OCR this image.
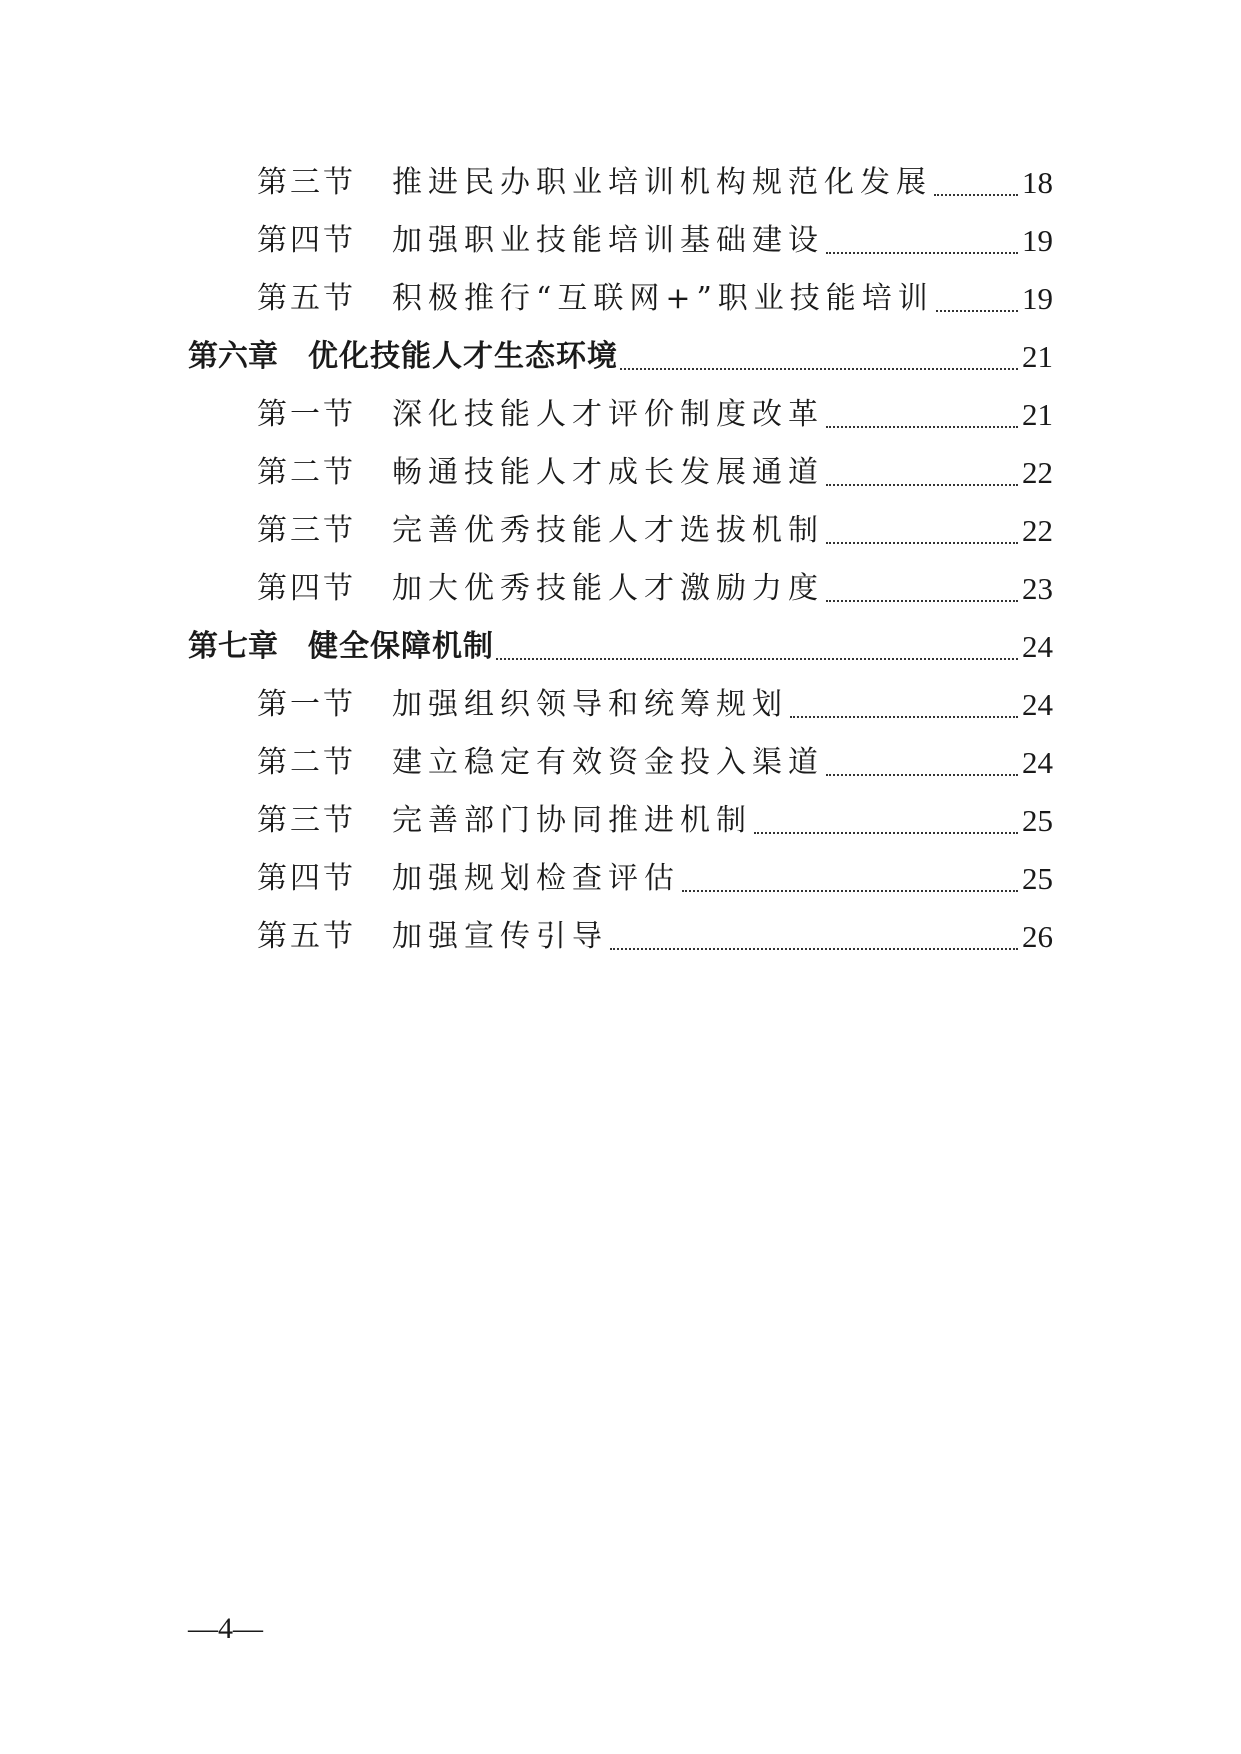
第三节 推进民办职业培训机构规范化发展	18
第四节 加强职业技能培训基础建设	19
第五节 积极推行“互联网+”职业技能培训	19
第六章 优化技能人才生态环境	21
第一节 深化技能人才评价制度改革	21
第二节 畅通技能人才成长发展通道	22
第三节 完善优秀技能人才选拔机制	22
第四节 加大优秀技能人才激励力度	23
第七章 健全保障机制	24
第一节 加强组织领导和统筹规划	24
第二节 建立稳定有效资金投入渠道	24
第三节 完善部门协同推进机制	25
第四节 加强规划检查评估	25
第五节 加强宣传引导	26
—4—
